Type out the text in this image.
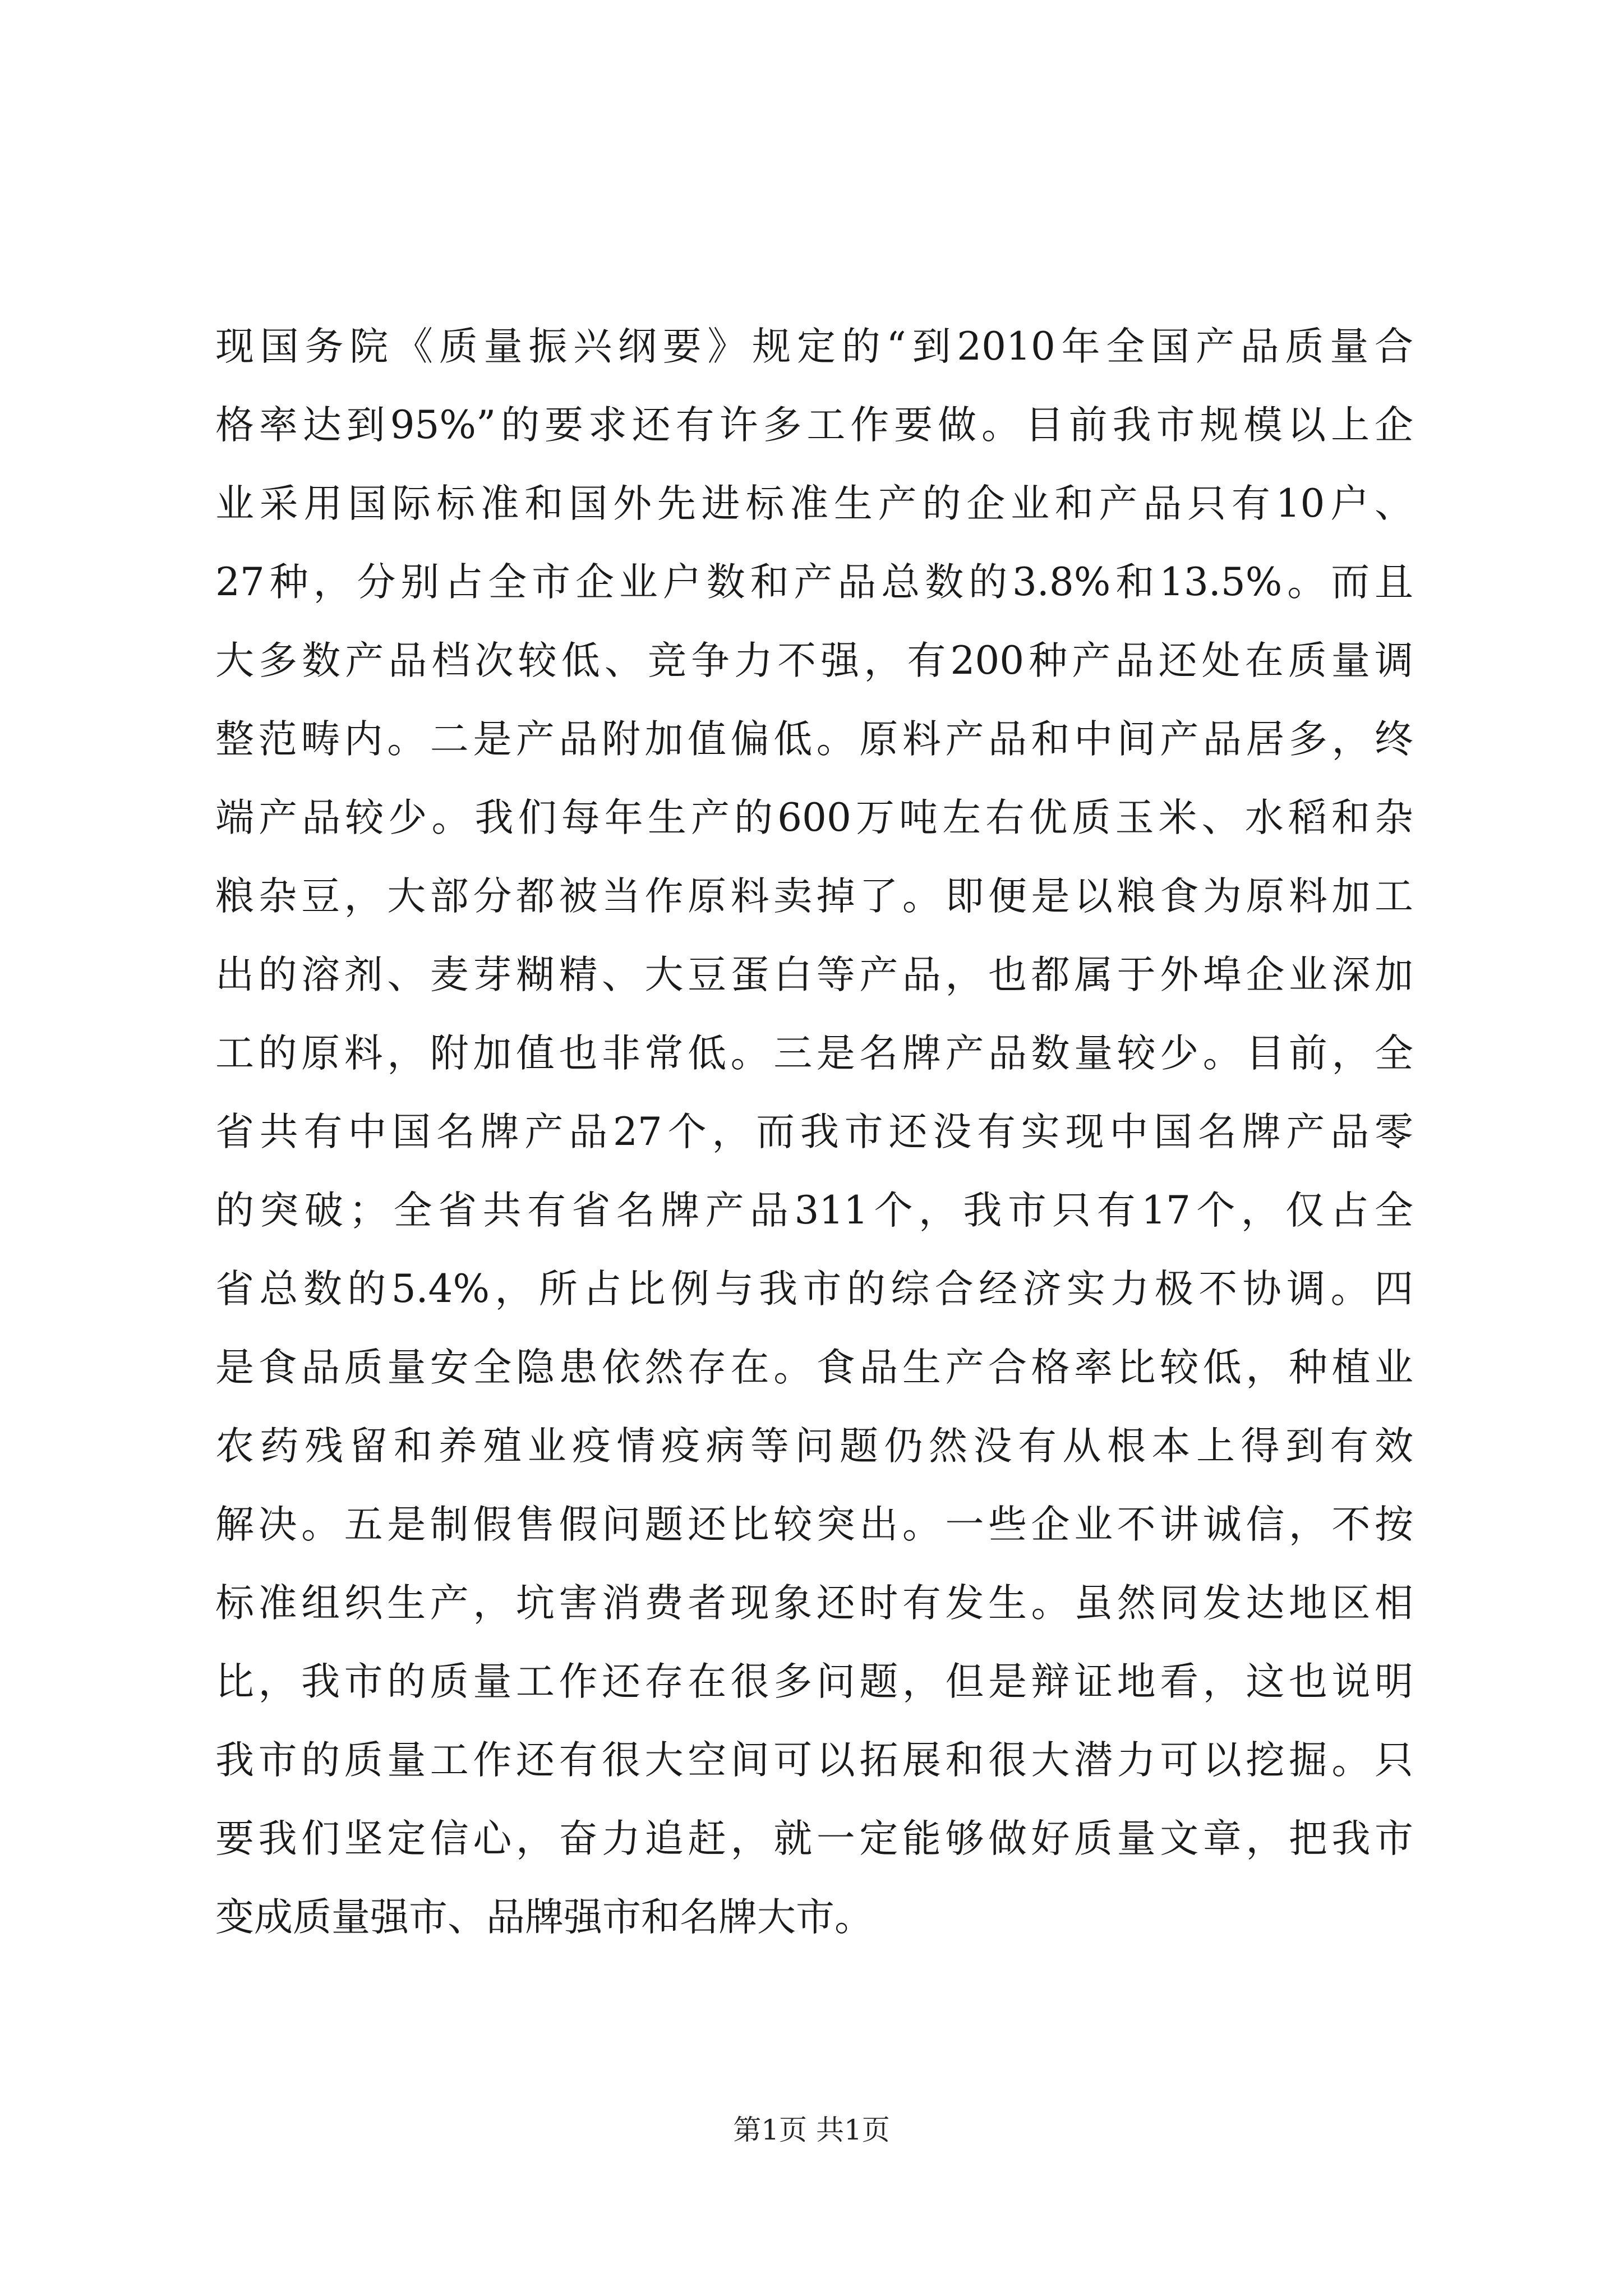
现国务院《质量振兴纲要》规定的“到2010年全国产品质量合
格率达到95%”的要求还有许多工作要做。目前我市规模以上企
业采用国际标准和国外先进标准生产的企业和产品只有10户、
27种，分别占全市企业户数和产品总数的3.8%和13.5%。而且
大多数产品档次较低、竞争力不强，有200种产品还处在质量调
整范畴内。二是产品附加值偏低。原料产品和中间产品居多，终
端产品较少。我们每年生产的600万吨左右优质玉米、水稻和杂
粮杂豆，大部分都被当作原料卖掉了。即便是以粮食为原料加工
出的溶剂、麦芽糊精、大豆蛋白等产品，也都属于外埠企业深加
工的原料，附加值也非常低。三是名牌产品数量较少。目前，全
省共有中国名牌产品27个，而我市还没有实现中国名牌产品零
的突破；全省共有省名牌产品311个，我市只有17个，仅占全
省总数的5.4%，所占比例与我市的综合经济实力极不协调。四
是食品质量安全隐患依然存在。食品生产合格率比较低，种植业
农药残留和养殖业疫情疫病等问题仍然没有从根本上得到有效
解决。五是制假售假问题还比较突出。一些企业不讲诚信，不按
标准组织生产，坑害消费者现象还时有发生。虽然同发达地区相
比，我市的质量工作还存在很多问题，但是辩证地看，这也说明
我市的质量工作还有很大空间可以拓展和很大潜力可以挖掘。只
要我们坚定信心，奋力追赶，就一定能够做好质量文章，把我市
变成质量强市、品牌强市和名牌大市。
第1页 共1页
